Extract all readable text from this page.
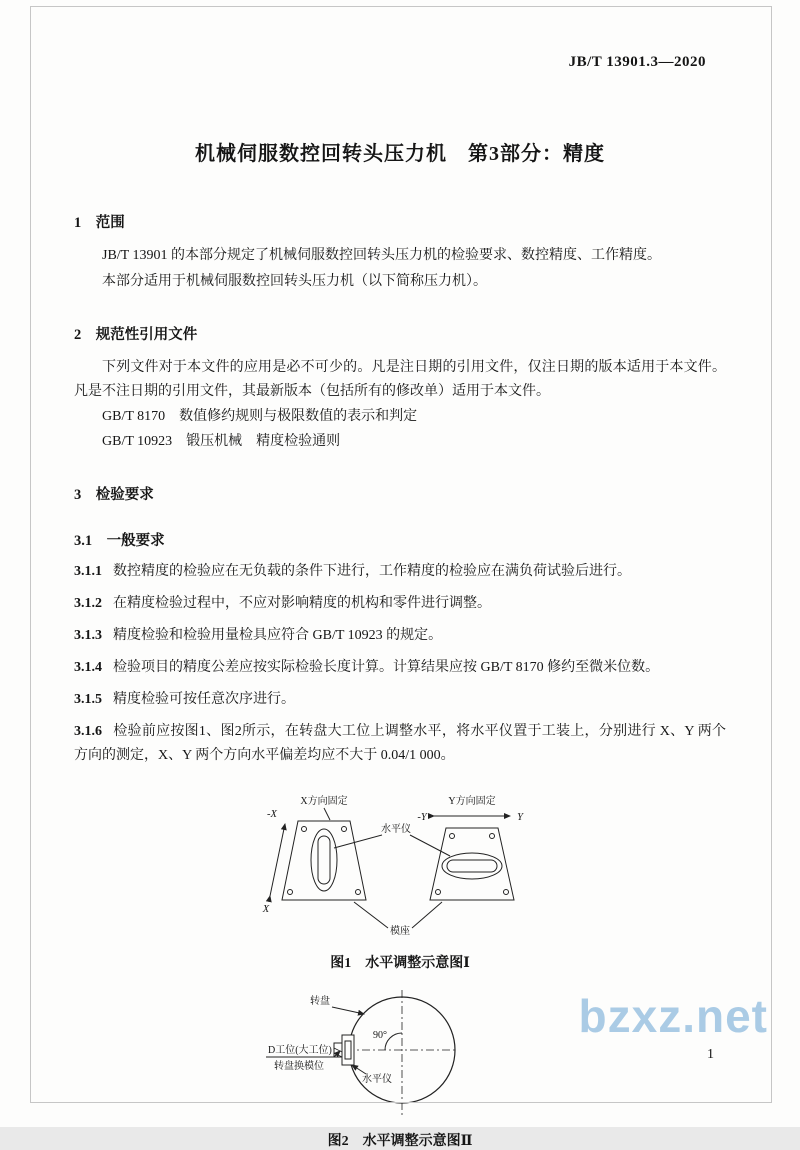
JB/T 13901.3—2020
机械伺服数控回转头压力机　第3部分：精度
1　范围

JB/T 13901 的本部分规定了机械伺服数控回转头压力机的检验要求、数控精度、工作精度。

本部分适用于机械伺服数控回转头压力机（以下简称压力机）。

2　规范性引用文件

下列文件对于本文件的应用是必不可少的。凡是注日期的引用文件，仅注日期的版本适用于本文件。凡是不注日期的引用文件，其最新版本（包括所有的修改单）适用于本文件。

GB/T 8170　数值修约规则与极限数值的表示和判定

GB/T 10923　锻压机械　精度检验通则

3　检验要求
3.1　一般要求

3.1.1 数控精度的检验应在无负载的条件下进行，工作精度的检验应在满负荷试验后进行。

3.1.2 在精度检验过程中，不应对影响精度的机构和零件进行调整。

3.1.3 精度检验和检验用量检具应符合 GB/T 10923 的规定。

3.1.4 检验项目的精度公差应按实际检验长度计算。计算结果应按 GB/T 8170 修约至微米位数。

3.1.5 精度检验可按任意次序进行。

3.1.6 检验前应按图1、图2所示，在转盘大工位上调整水平，将水平仪置于工装上，分别进行 X、Y 两个方向的测定，X、Y 两个方向水平偏差均应不大于 0.04/1 000。

-X
X
X方向固定	Y方向固定
-Y	Y
水平仪
模座
图1　水平调整示意图Ⅰ
90°
转盘
D工位(大工位)
转盘换模位
水平仪
图2　水平调整示意图Ⅱ
bzxz.net
1
